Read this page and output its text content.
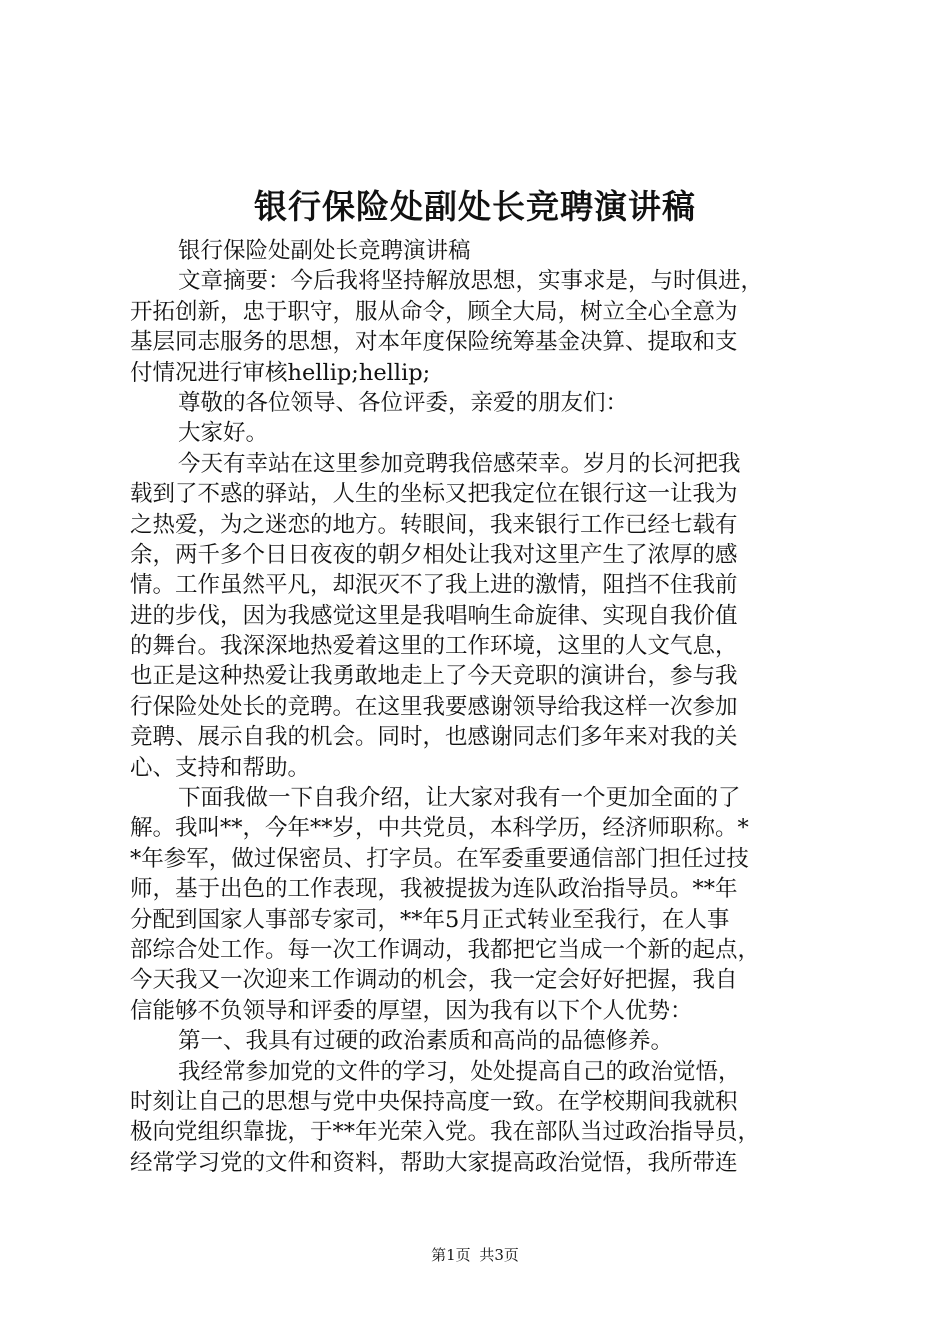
银行保险处副处长竞聘演讲稿
银行保险处副处长竞聘演讲稿
文章摘要：今后我将坚持解放思想，实事求是，与时俱进，
开拓创新，忠于职守，服从命令，顾全大局，树立全心全意为
基层同志服务的思想，对本年度保险统筹基金决算、提取和支
付情况进行审核hellip;hellip;
尊敬的各位领导、各位评委，亲爱的朋友们：
大家好。
今天有幸站在这里参加竞聘我倍感荣幸。岁月的长河把我
载到了不惑的驿站，人生的坐标又把我定位在银行这一让我为
之热爱，为之迷恋的地方。转眼间，我来银行工作已经七载有
余，两千多个日日夜夜的朝夕相处让我对这里产生了浓厚的感
情。工作虽然平凡，却泯灭不了我上进的激情，阻挡不住我前
进的步伐，因为我感觉这里是我唱响生命旋律、实现自我价值
的舞台。我深深地热爱着这里的工作环境，这里的人文气息，
也正是这种热爱让我勇敢地走上了今天竞职的演讲台，参与我
行保险处处长的竞聘。在这里我要感谢领导给我这样一次参加
竞聘、展示自我的机会。同时，也感谢同志们多年来对我的关
心、支持和帮助。
下面我做一下自我介绍，让大家对我有一个更加全面的了
解。我叫**，今年**岁，中共党员，本科学历，经济师职称。*
*年参军，做过保密员、打字员。在军委重要通信部门担任过技
师，基于出色的工作表现，我被提拔为连队政治指导员。**年
分配到国家人事部专家司，**年5月正式转业至我行，在人事
部综合处工作。每一次工作调动，我都把它当成一个新的起点，
今天我又一次迎来工作调动的机会，我一定会好好把握，我自
信能够不负领导和评委的厚望，因为我有以下个人优势：
第一、我具有过硬的政治素质和高尚的品德修养。
我经常参加党的文件的学习，处处提高自己的政治觉悟，
时刻让自己的思想与党中央保持高度一致。在学校期间我就积
极向党组织靠拢，于**年光荣入党。我在部队当过政治指导员，
经常学习党的文件和资料，帮助大家提高政治觉悟，我所带连
第1页 共3页
